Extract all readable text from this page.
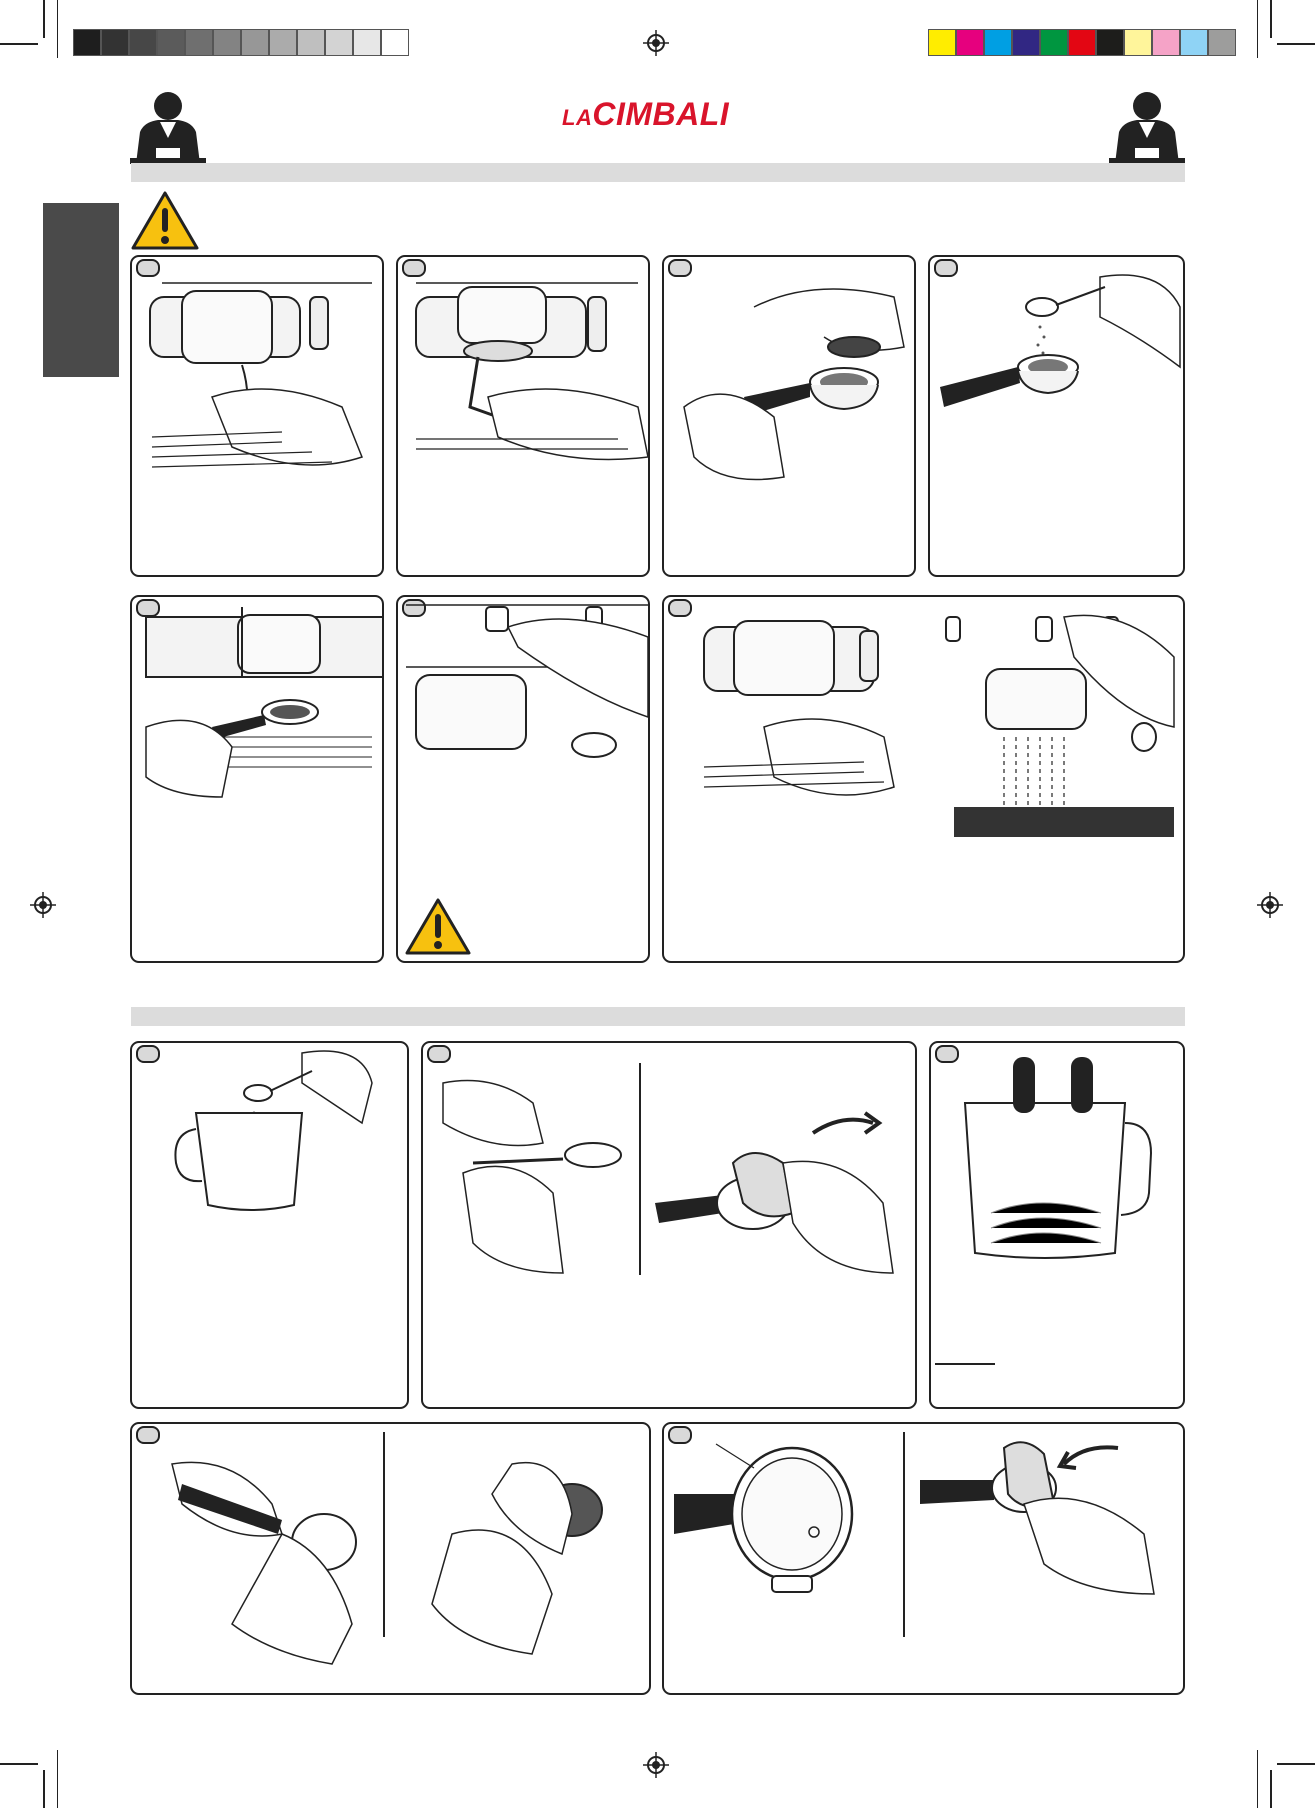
LACIMBALI
